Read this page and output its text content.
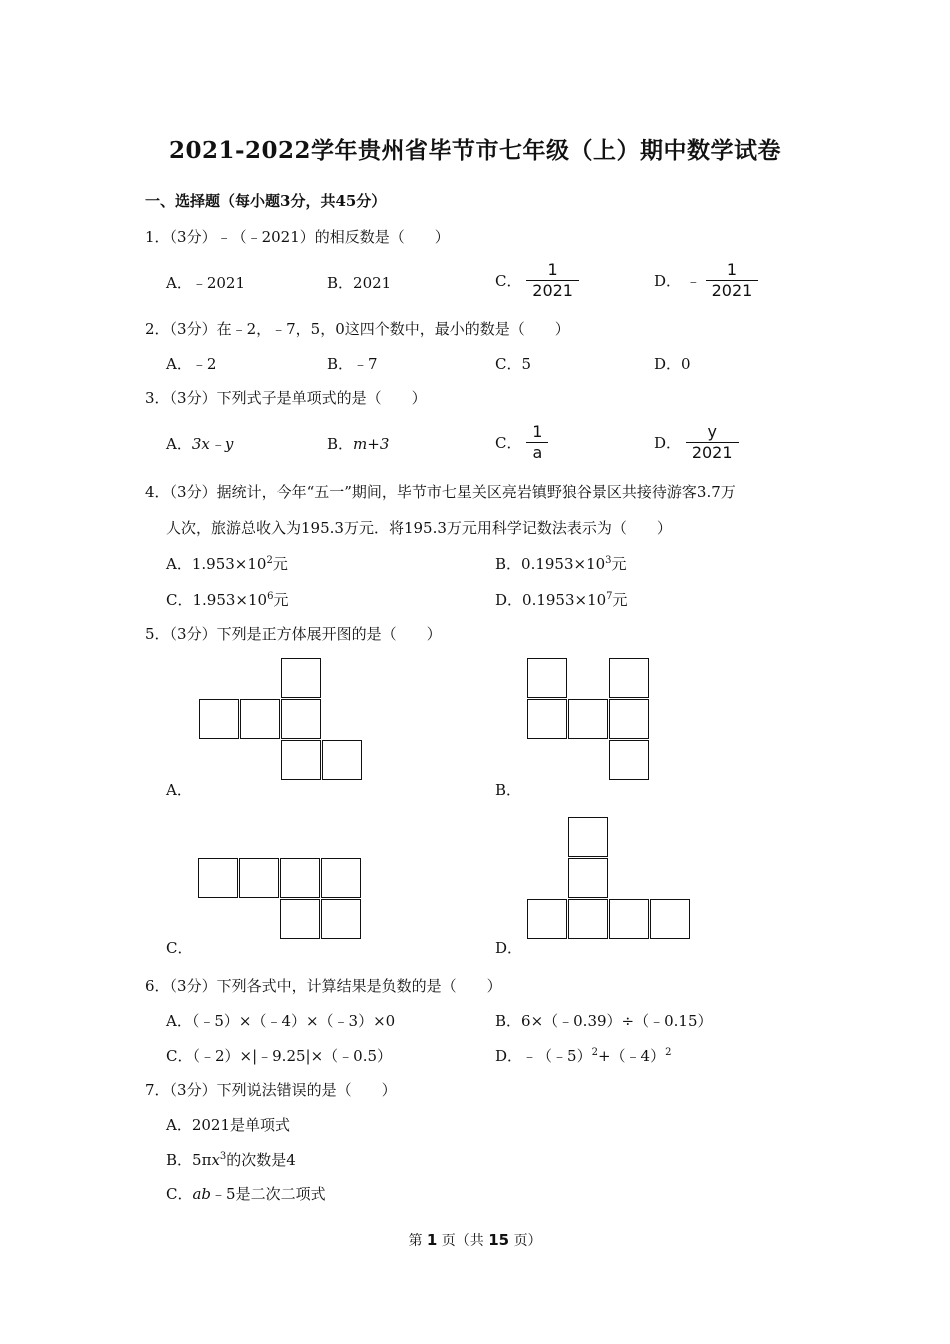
2021-2022学年贵州省毕节市七年级（上）期中数学试卷
一、选择题（每小题3分，共45分）
1．（3分）﹣（﹣2021）的相反数是（　　）
A．﹣2021	B．2021	C． $\frac{1}{2021}$	D． ﹣ $\frac{1}{2021}$
2．（3分）在﹣2，﹣7，5，0这四个数中，最小的数是（　　）
A．﹣2	B．﹣7	C．5	D．0
3．（3分）下列式子是单项式的是（　　）
A．3x﹣y	B．m+3	C． $\frac{1}{a}$	D． $\frac{y}{2021}$
4．（3分）据统计，今年“五一”期间，毕节市七星关区亮岩镇野狼谷景区共接待游客3.7万
人次，旅游总收入为195.3万元．将195.3万元用科学记数法表示为（　　）
A．$1.953\times 10^2$元	B．$0.1953\times 10^3$元
C．$1.953\times 10^6$元	D．$0.1953\times 10^7$元
5．（3分）下列是正方体展开图的是（　　）
A．	B．
C．	D．
6．（3分）下列各式中，计算结果是负数的是（　　）
A．（﹣5）×（﹣4）×（﹣3）×0	B．6×（﹣0.39）÷（﹣0.15）
C．（﹣2）×|﹣9.25|×（﹣0.5）	D．﹣（﹣5）$^2$+（﹣4）$^2$
7．（3分）下列说法错误的是（　　）
A．2021是单项式
B．$5\pi x^3$的次数是4
C．ab﹣5是二次二项式
第 1 页（共 15 页）
